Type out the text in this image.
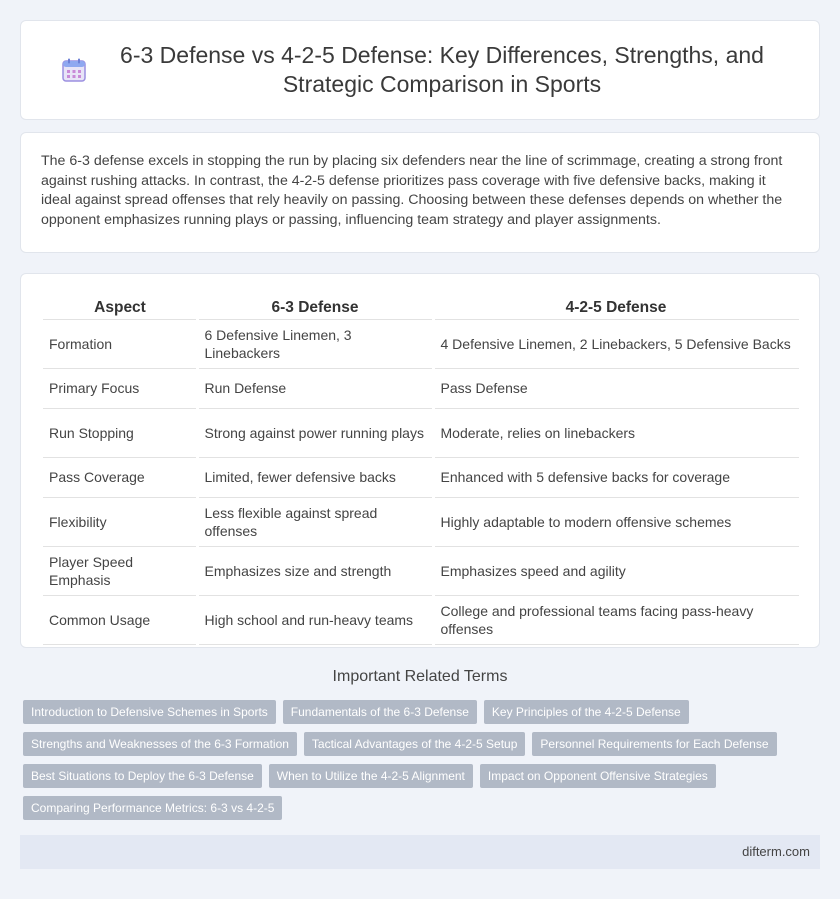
6-3 Defense vs 4-2-5 Defense: Key Differences, Strengths, and Strategic Comparison in Sports

The 6-3 defense excels in stopping the run by placing six defenders near the line of scrimmage, creating a strong front against rushing attacks. In contrast, the 4-2-5 defense prioritizes pass coverage with five defensive backs, making it ideal against spread offenses that rely heavily on passing. Choosing between these defenses depends on whether the opponent emphasizes running plays or passing, influencing team strategy and player assignments.

Aspect	6-3 Defense	4-2-5 Defense
Formation	6 Defensive Linemen, 3 Linebackers	4 Defensive Linemen, 2 Linebackers, 5 Defensive Backs
Primary Focus	Run Defense	Pass Defense
Run Stopping	Strong against power running plays	Moderate, relies on linebackers
Pass Coverage	Limited, fewer defensive backs	Enhanced with 5 defensive backs for coverage
Flexibility	Less flexible against spread offenses	Highly adaptable to modern offensive schemes
Player Speed Emphasis	Emphasizes size and strength	Emphasizes speed and agility
Common Usage	High school and run-heavy teams	College and professional teams facing pass-heavy offenses
Important Related Terms
Introduction to Defensive Schemes in Sports	Fundamentals of the 6-3 Defense	Key Principles of the 4-2-5 Defense
Strengths and Weaknesses of the 6-3 Formation	Tactical Advantages of the 4-2-5 Setup	Personnel Requirements for Each Defense
Best Situations to Deploy the 6-3 Defense	When to Utilize the 4-2-5 Alignment	Impact on Opponent Offensive Strategies
Comparing Performance Metrics: 6-3 vs 4-2-5
difterm.com
